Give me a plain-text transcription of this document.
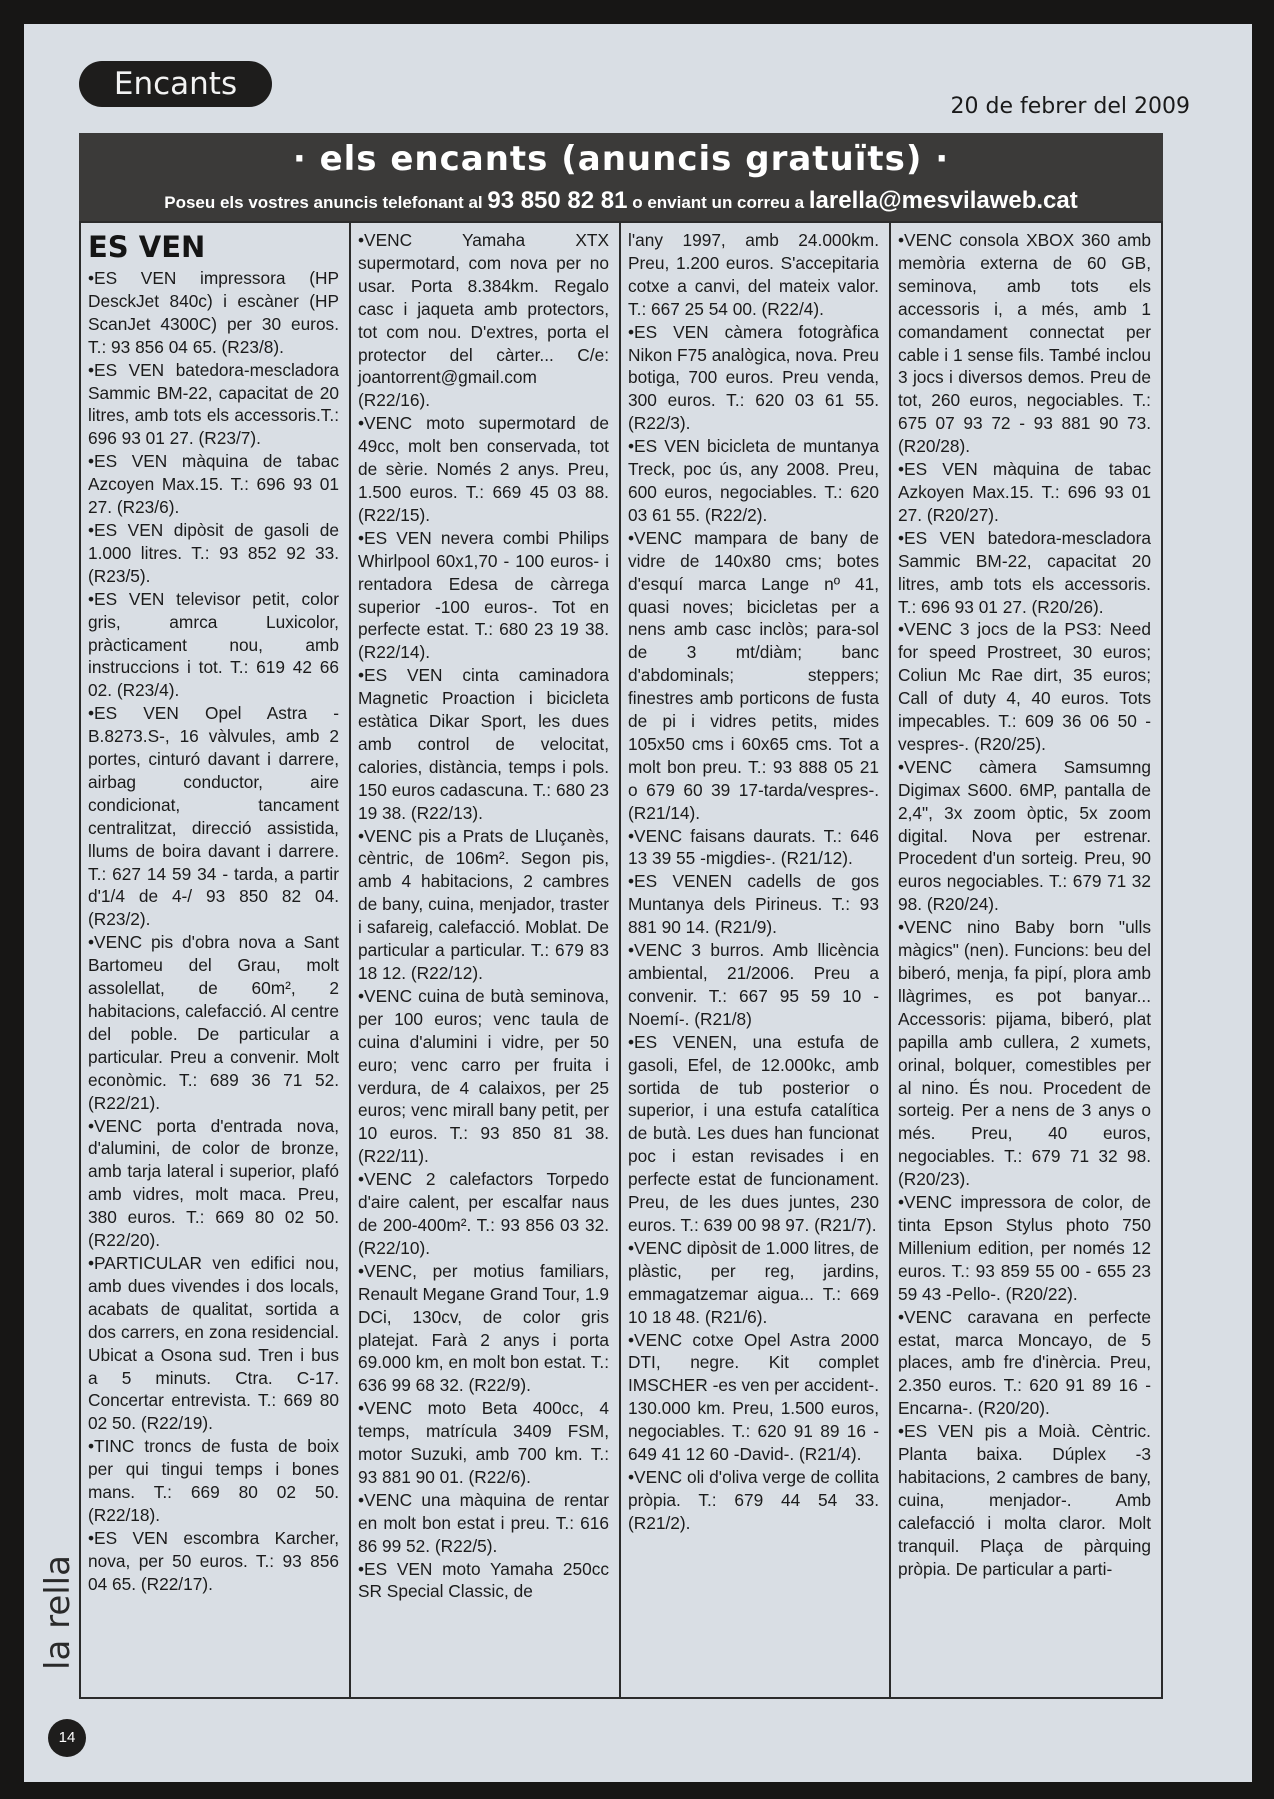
Encants
20 de febrer del 2009
· els encants (anuncis gratuïts) ·
Poseu els vostres anuncis telefonant al 93 850 82 81 o enviant un correu a larella@mesvilaweb.cat
ES VEN

•ES VEN impressora (HP DesckJet 840c) i escàner (HP ScanJet 4300C) per 30 euros. T.: 93 856 04 65. (R23/8).

•ES VEN batedora-mescladora Sammic BM-22, capacitat de 20 litres, amb tots els accessoris.T.: 696 93 01 27. (R23/7).

•ES VEN màquina de tabac Azcoyen Max.15. T.: 696 93 01 27. (R23/6).

•ES VEN dipòsit de gasoli de 1.000 litres. T.: 93 852 92 33. (R23/5).

•ES VEN televisor petit, color gris, amrca Luxicolor, pràcticament nou, amb instruccions i tot. T.: 619 42 66 02. (R23/4).

•ES VEN Opel Astra - B.8273.S-, 16 vàlvules, amb 2 portes, cinturó davant i darrere, airbag conductor, aire condicionat, tancament centralitzat, direcció assistida, llums de boira davant i darrere. T.: 627 14 59 34 - tarda, a partir d'1/4 de 4-/ 93 850 82 04. (R23/2).

•VENC pis d'obra nova a Sant Bartomeu del Grau, molt assolellat, de 60m², 2 habitacions, calefacció. Al centre del poble. De particular a particular. Preu a convenir. Molt econòmic. T.: 689 36 71 52. (R22/21).

•VENC porta d'entrada nova, d'alumini, de color de bronze, amb tarja lateral i superior, plafó amb vidres, molt maca. Preu, 380 euros. T.: 669 80 02 50. (R22/20).

•PARTICULAR ven edifici nou, amb dues vivendes i dos locals, acabats de qualitat, sortida a dos carrers, en zona residencial. Ubicat a Osona sud. Tren i bus a 5 minuts. Ctra. C-17. Concertar entrevista. T.: 669 80 02 50. (R22/19).

•TINC troncs de fusta de boix per qui tingui temps i bones mans. T.: 669 80 02 50. (R22/18).

•ES VEN escombra Karcher, nova, per 50 euros. T.: 93 856 04 65. (R22/17).

•VENC Yamaha XTX supermotard, com nova per no usar. Porta 8.384km. Regalo casc i jaqueta amb protectors, tot com nou. D'extres, porta el protector del càrter... C/e: joantorrent@gmail.com (R22/16).

•VENC moto supermotard de 49cc, molt ben conservada, tot de sèrie. Només 2 anys. Preu, 1.500 euros. T.: 669 45 03 88. (R22/15).

•ES VEN nevera combi Philips Whirlpool 60x1,70 - 100 euros- i rentadora Edesa de càrrega superior -100 euros-. Tot en perfecte estat. T.: 680 23 19 38. (R22/14).

•ES VEN cinta caminadora Magnetic Proaction i bicicleta estàtica Dikar Sport, les dues amb control de velocitat, calories, distància, temps i pols. 150 euros cadascuna. T.: 680 23 19 38. (R22/13).

•VENC pis a Prats de Lluçanès, cèntric, de 106m². Segon pis, amb 4 habitacions, 2 cambres de bany, cuina, menjador, traster i safareig, calefacció. Moblat. De particular a particular. T.: 679 83 18 12. (R22/12).

•VENC cuina de butà seminova, per 100 euros; venc taula de cuina d'alumini i vidre, per 50 euro; venc carro per fruita i verdura, de 4 calaixos, per 25 euros; venc mirall bany petit, per 10 euros. T.: 93 850 81 38. (R22/11).

•VENC 2 calefactors Torpedo d'aire calent, per escalfar naus de 200-400m². T.: 93 856 03 32. (R22/10).

•VENC, per motius familiars, Renault Megane Grand Tour, 1.9 DCi, 130cv, de color gris platejat. Farà 2 anys i porta 69.000 km, en molt bon estat. T.: 636 99 68 32. (R22/9).

•VENC moto Beta 400cc, 4 temps, matrícula 3409 FSM, motor Suzuki, amb 700 km. T.: 93 881 90 01. (R22/6).

•VENC una màquina de rentar en molt bon estat i preu. T.: 616 86 99 52. (R22/5).

•ES VEN moto Yamaha 250cc SR Special Classic, de

l'any 1997, amb 24.000km. Preu, 1.200 euros. S'accepitaria cotxe a canvi, del mateix valor. T.: 667 25 54 00. (R22/4).

•ES VEN càmera fotogràfica Nikon F75 analògica, nova. Preu botiga, 700 euros. Preu venda, 300 euros. T.: 620 03 61 55. (R22/3).

•ES VEN bicicleta de muntanya Treck, poc ús, any 2008. Preu, 600 euros, negociables. T.: 620 03 61 55. (R22/2).

•VENC mampara de bany de vidre de 140x80 cms; botes d'esquí marca Lange nº 41, quasi noves; bicicletas per a nens amb casc inclòs; para-sol de 3 mt/diàm; banc d'abdominals; steppers; finestres amb porticons de fusta de pi i vidres petits, mides 105x50 cms i 60x65 cms. Tot a molt bon preu. T.: 93 888 05 21 o 679 60 39 17-tarda/vespres-. (R21/14).

•VENC faisans daurats. T.: 646 13 39 55 -migdies-. (R21/12).

•ES VENEN cadells de gos Muntanya dels Pirineus. T.: 93 881 90 14. (R21/9).

•VENC 3 burros. Amb llicència ambiental, 21/2006. Preu a convenir. T.: 667 95 59 10 -Noemí-. (R21/8)

•ES VENEN, una estufa de gasoli, Efel, de 12.000kc, amb sortida de tub posterior o superior, i una estufa catalítica de butà. Les dues han funcionat poc i estan revisades i en perfecte estat de funcionament. Preu, de les dues juntes, 230 euros. T.: 639 00 98 97. (R21/7).

•VENC dipòsit de 1.000 litres, de plàstic, per reg, jardins, emmagatzemar aigua... T.: 669 10 18 48. (R21/6).

•VENC cotxe Opel Astra 2000 DTI, negre. Kit complet IMSCHER -es ven per accident-. 130.000 km. Preu, 1.500 euros, negociables. T.: 620 91 89 16 - 649 41 12 60 -David-. (R21/4).

•VENC oli d'oliva verge de collita pròpia. T.: 679 44 54 33. (R21/2).

•VENC consola XBOX 360 amb memòria externa de 60 GB, seminova, amb tots els accessoris i, a més, amb 1 comandament connectat per cable i 1 sense fils. També inclou 3 jocs i diversos demos. Preu de tot, 260 euros, negociables. T.: 675 07 93 72 - 93 881 90 73. (R20/28).

•ES VEN màquina de tabac Azkoyen Max.15. T.: 696 93 01 27. (R20/27).

•ES VEN batedora-mescladora Sammic BM-22, capacitat 20 litres, amb tots els accessoris. T.: 696 93 01 27. (R20/26).

•VENC 3 jocs de la PS3: Need for speed Prostreet, 30 euros; Coliun Mc Rae dirt, 35 euros; Call of duty 4, 40 euros. Tots impecables. T.: 609 36 06 50 -vespres-. (R20/25).

•VENC càmera Samsumng Digimax S600. 6MP, pantalla de 2,4", 3x zoom òptic, 5x zoom digital. Nova per estrenar. Procedent d'un sorteig. Preu, 90 euros negociables. T.: 679 71 32 98. (R20/24).

•VENC nino Baby born "ulls màgics" (nen). Funcions: beu del biberó, menja, fa pipí, plora amb llàgrimes, es pot banyar... Accessoris: pijama, biberó, plat papilla amb cullera, 2 xumets, orinal, bolquer, comestibles per al nino. És nou. Procedent de sorteig. Per a nens de 3 anys o més. Preu, 40 euros, negociables. T.: 679 71 32 98. (R20/23).

•VENC impressora de color, de tinta Epson Stylus photo 750 Millenium edition, per només 12 euros. T.: 93 859 55 00 - 655 23 59 43 -Pello-. (R20/22).

•VENC caravana en perfecte estat, marca Moncayo, de 5 places, amb fre d'inèrcia. Preu, 2.350 euros. T.: 620 91 89 16 -Encarna-. (R20/20).

•ES VEN pis a Moià. Cèntric. Planta baixa. Dúplex -3 habitacions, 2 cambres de bany, cuina, menjador-. Amb calefacció i molta claror. Molt tranquil. Plaça de pàrquing pròpia. De particular a parti-

la rella
14
